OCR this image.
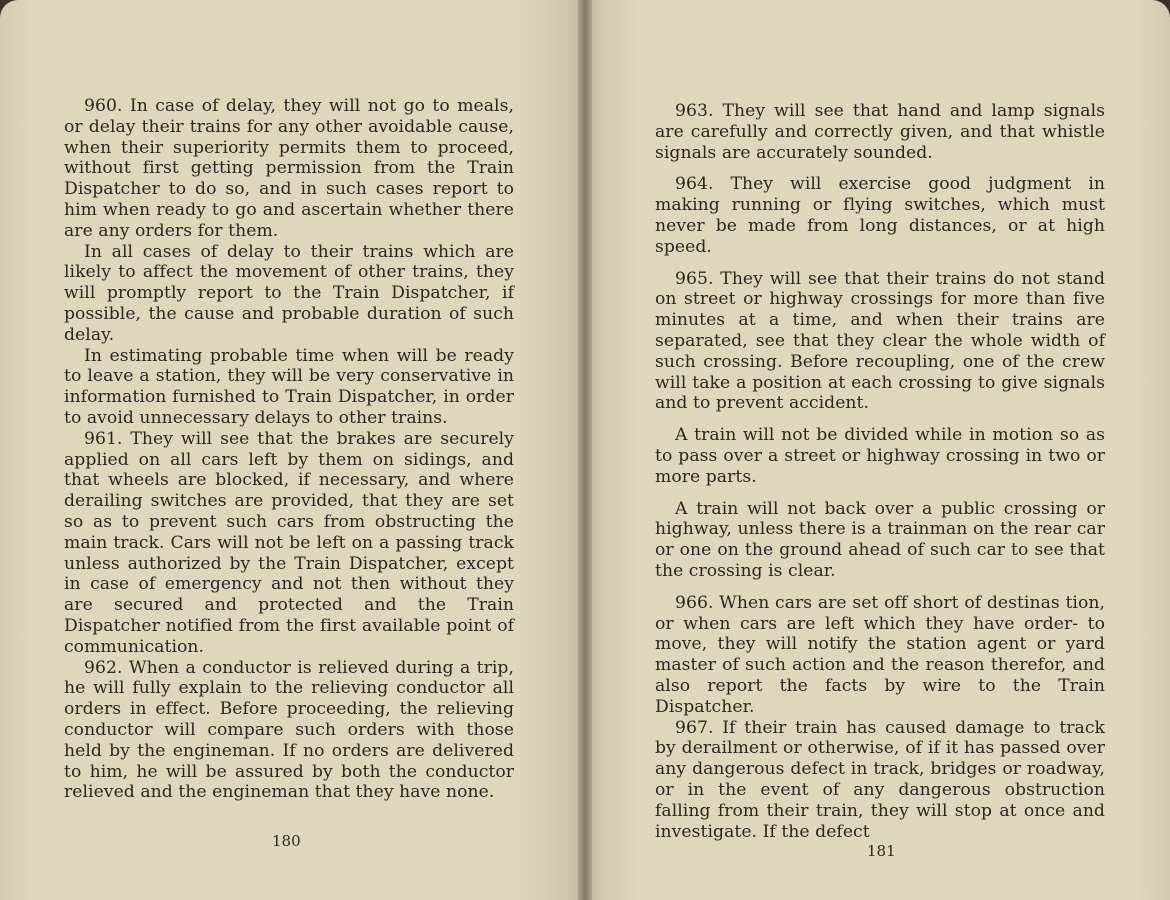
960. In case of delay, they will not go to meals, or delay their trains for any other avoidable cause, when their superiority permits them to proceed, without first getting permission from the Train Dispatcher to do so, and in such cases report to him when ready to go and ascertain whether there are any orders for them.

In all cases of delay to their trains which are likely to affect the movement of other trains, they will promptly report to the Train Dispatcher, if possible, the cause and probable duration of such delay.

In estimating probable time when will be ready to leave a station, they will be very conservative in information furnished to Train Dispatcher, in order to avoid unnecessary delays to other trains.

961. They will see that the brakes are securely applied on all cars left by them on sidings, and that wheels are blocked, if necessary, and where derailing switches are provided, that they are set so as to prevent such cars from obstructing the main track. Cars will not be left on a passing track unless authorized by the Train Dispatcher, except in case of emergency and not then without they are secured and protected and the Train Dispatcher notified from the first available point of communication.

962. When a conductor is relieved during a trip, he will fully explain to the relieving conductor all orders in effect. Before proceeding, the relieving conductor will compare such orders with those held by the engineman. If no orders are delivered to him, he will be assured by both the conductor relieved and the engineman that they have none.

180

963. They will see that hand and lamp signals are carefully and correctly given, and that whistle signals are accurately sounded.

964. They will exercise good judgment in making running or flying switches, which must never be made from long distances, or at high speed.

965. They will see that their trains do not stand on street or highway crossings for more than five minutes at a time, and when their trains are separated, see that they clear the whole width of such crossing. Before recoupling, one of the crew will take a position at each crossing to give signals and to prevent accident.

A train will not be divided while in motion so as to pass over a street or highway crossing in two or more parts.

A train will not back over a public crossing or highway, unless there is a trainman on the rear car or one on the ground ahead of such car to see that the crossing is clear.

966. When cars are set off short of destinas tion, or when cars are left which they have order- to move, they will notify the station agent or yard master of such action and the reason therefor, and also report the facts by wire to the Train Dispatcher.

967. If their train has caused damage to track by derailment or otherwise, of if it has passed over any dangerous defect in track, bridges or roadway, or in the event of any dangerous obstruction falling from their train, they will stop at once and investigate. If the defect

181
